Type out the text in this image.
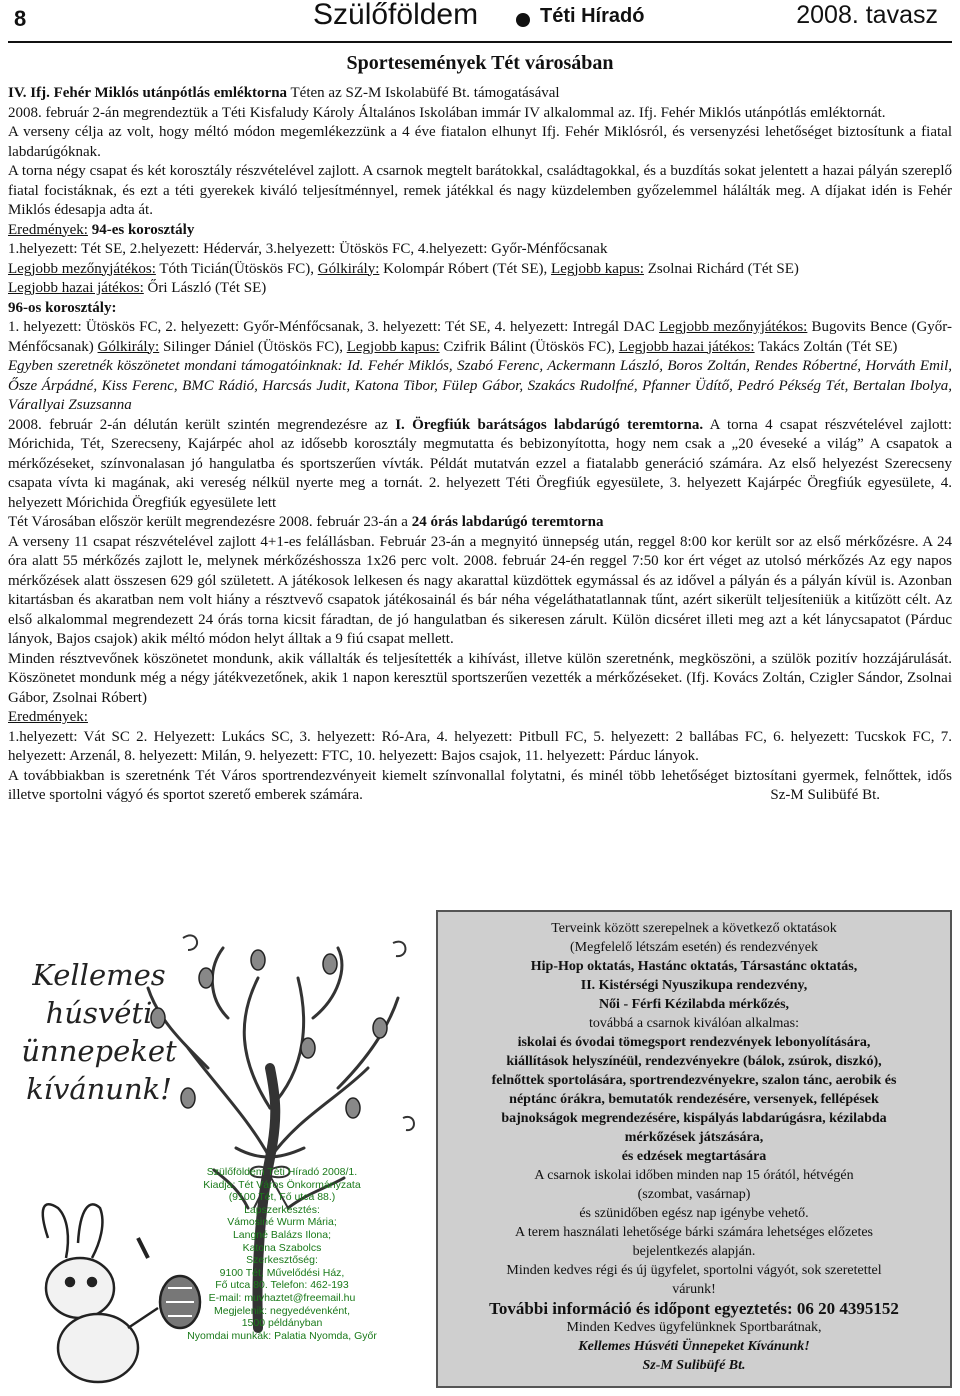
8	Szülőföldem	Téti Híradó	2008. tavasz
Sportesemények Tét városában

IV. Ifj. Fehér Miklós utánpótlás emléktorna Téten az SZ-M Iskolabüfé Bt. támogatásával

2008. február 2-án megrendeztük a Téti Kisfaludy Károly Általános Iskolában immár IV alkalommal az. Ifj. Fehér Miklós utánpótlás emléktornát.

A verseny célja az volt, hogy méltó módon megemlékezzünk a 4 éve fiatalon elhunyt Ifj. Fehér Miklósról, és versenyzési lehetőséget biztosítunk a fiatal labdarúgóknak.

A torna négy csapat és két korosztály részvételével zajlott. A csarnok megtelt barátokkal, családtagokkal, és a buzdítás sokat jelentett a hazai pályán szereplő fiatal focistáknak, és ezt a téti gyerekek kiváló teljesítménnyel, remek játékkal és nagy küzdelemben győzelemmel hálálták meg. A díjakat idén is Fehér Miklós édesapja adta át.

Eredmények: 94-es korosztály

1.helyezett: Tét SE, 2.helyezett: Hédervár, 3.helyezett: Ütöskös FC, 4.helyezett: Győr-Ménfőcsanak

Legjobb mezőnyjátékos: Tóth Ticián(Ütöskös FC), Gólkirály: Kolompár Róbert (Tét SE), Legjobb kapus: Zsolnai Richárd (Tét SE)

Legjobb hazai játékos: Őri László (Tét SE)

96-os korosztály:

1. helyezett: Ütöskös FC, 2. helyezett: Győr-Ménfőcsanak, 3. helyezett: Tét SE, 4. helyezett: Intregál DAC Legjobb mezőnyjátékos: Bugovits Bence (Győr-Ménfőcsanak) Gólkirály: Silinger Dániel (Ütöskös FC), Legjobb kapus: Czifrik Bálint (Ütöskös FC), Legjobb hazai játékos: Takács Zoltán (Tét SE)

Egyben szeretnék köszönetet mondani támogatóinknak: Id. Fehér Miklós, Szabó Ferenc, Ackermann László, Boros Zoltán, Rendes Róbertné, Horváth Emil, Ősze Árpádné, Kiss Ferenc, BMC Rádió, Harcsás Judit, Katona Tibor, Fülep Gábor, Szakács Rudolfné, Pfanner Üdítő, Pedró Pékség Tét, Bertalan Ibolya, Várallyai Zsuzsanna

2008. február 2-án délután került szintén megrendezésre az I. Öregfiúk barátságos labdarúgó teremtorna. A torna 4 csapat részvételével zajlott: Mórichida, Tét, Szerecseny, Kajárpéc ahol az idősebb korosztály megmutatta és bebizonyította, hogy nem csak a „20 éveseké a világ” A csapatok a mérkőzéseket, színvonalasan jó hangulatba és sportszerűen vívták. Példát mutatván ezzel a fiatalabb generáció számára. Az első helyezést Szerecseny csapata vívta ki magának, aki vereség nélkül nyerte meg a tornát. 2. helyezett Téti Öregfiúk egyesülete, 3. helyezett Kajárpéc Öregfiúk egyesülete, 4. helyezett Mórichida Öregfiúk egyesülete lett

Tét Városában először került megrendezésre 2008. február 23-án a 24 órás labdarúgó teremtorna

A verseny 11 csapat részvételével zajlott 4+1-es felállásban. Február 23-án a megnyitó ünnepség után, reggel 8:00 kor került sor az első mérkőzésre. A 24 óra alatt 55 mérkőzés zajlott le, melynek mérkőzéshossza 1x26 perc volt. 2008. február 24-én reggel 7:50 kor ért véget az utolsó mérkőzés Az egy napos mérkőzések alatt összesen 629 gól született. A játékosok lelkesen és nagy akarattal küzdöttek egymással és az idővel a pályán és a pályán kívül is. Azonban kitartásban és akaratban nem volt hiány a résztvevő csapatok játékosainál és bár néha végeláthatatlannak tűnt, azért sikerült teljesíteniük a kitűzött célt. Az első alkalommal megrendezett 24 órás torna kicsit fáradtan, de jó hangulatban és sikeresen zárult. Külön dicséret illeti meg azt a két lánycsapatot (Párduc lányok, Bajos csajok) akik méltó módon helyt álltak a 9 fiú csapat mellett.

Minden résztvevőnek köszönetet mondunk, akik vállalták és teljesítették a kihívást, illetve külön szeretnénk, megköszöni, a szülök pozitív hozzájárulását. Köszönetet mondunk még a négy játékvezetőnek, akik 1 napon keresztül sportszerűen vezették a mérkőzéseket. (Ifj. Kovács Zoltán, Czigler Sándor, Zsolnai Gábor, Zsolnai Róbert)

Eredmények:

1.helyezett: Vát SC 2. Helyezett: Lukács SC, 3. helyezett: Ró-Ara, 4. helyezett: Pitbull FC, 5. helyezett: 2 ballábas FC, 6. helyezett: Tucskok FC, 7. helyezett: Arzenál, 8. helyezett: Milán, 9. helyezett: FTC, 10. helyezett: Bajos csajok, 11. helyezett: Párduc lányok.

A továbbiakban is szeretnénk Tét Város sportrendezvényeit kiemelt színvonallal folytatni, és minél több lehetőséget biztosítani gyermek, felnőttek, idős illetve sportolni vágyó és sportot szerető emberek számára.	Sz-M Sulibüfé Bt.

Kellemes
húsvéti
ünnepeket
kívánunk!
Szülőföldem Téti Híradó 2008/1.
Kiadja: Tét Város Önkormányzata
(9100 Tét, Fő utca 88.)
Lapszerkesztés:
Vámosiné Wurm Mária;
Langné Balázs Ilona;
Katona Szabolcs
Szerkesztőség:
9100 Tét, Művelődési Ház,
Fő utca 80. Telefon: 462-193
E-mail: muvhaztet@freemail.hu
Megjelenik: negyedévenként,
1500 példányban
Nyomdai munkák: Palatia Nyomda, Győr
Terveink között szerepelnek a következő oktatások
(Megfelelő létszám esetén) és rendezvények
Hip-Hop oktatás, Hastánc oktatás, Társastánc oktatás,
II. Kistérségi Nyuszikupa rendezvény,
Női - Férfi Kézilabda mérkőzés,
továbbá a csarnok kiválóan alkalmas:
iskolai és óvodai tömegsport rendezvények lebonyolítására,
kiállítások helyszínéül, rendezvényekre (bálok, zsúrok, diszkó),
felnőttek sportolására, sportrendezvényekre, szalon tánc, aerobik és
néptánc órákra, bemutatók rendezésére, versenyek, fellépések
bajnokságok megrendezésére, kispályás labdarúgásra, kézilabda
mérkőzések játszására,
és edzések megtartására
A csarnok iskolai időben minden nap 15 órától, hétvégén
(szombat, vasárnap)
és szünidőben egész nap igénybe vehető.
A terem használati lehetősége bárki számára lehetséges előzetes
bejelentkezés alapján.
Minden kedves régi és új ügyfelet, sportolni vágyót, sok szeretettel
várunk!
További információ és időpont egyeztetés: 06 20 4395152
Minden Kedves ügyfelünknek Sportbarátnak,
Kellemes Húsvéti Ünnepeket Kívánunk!
Sz-M Sulibüfé Bt.
